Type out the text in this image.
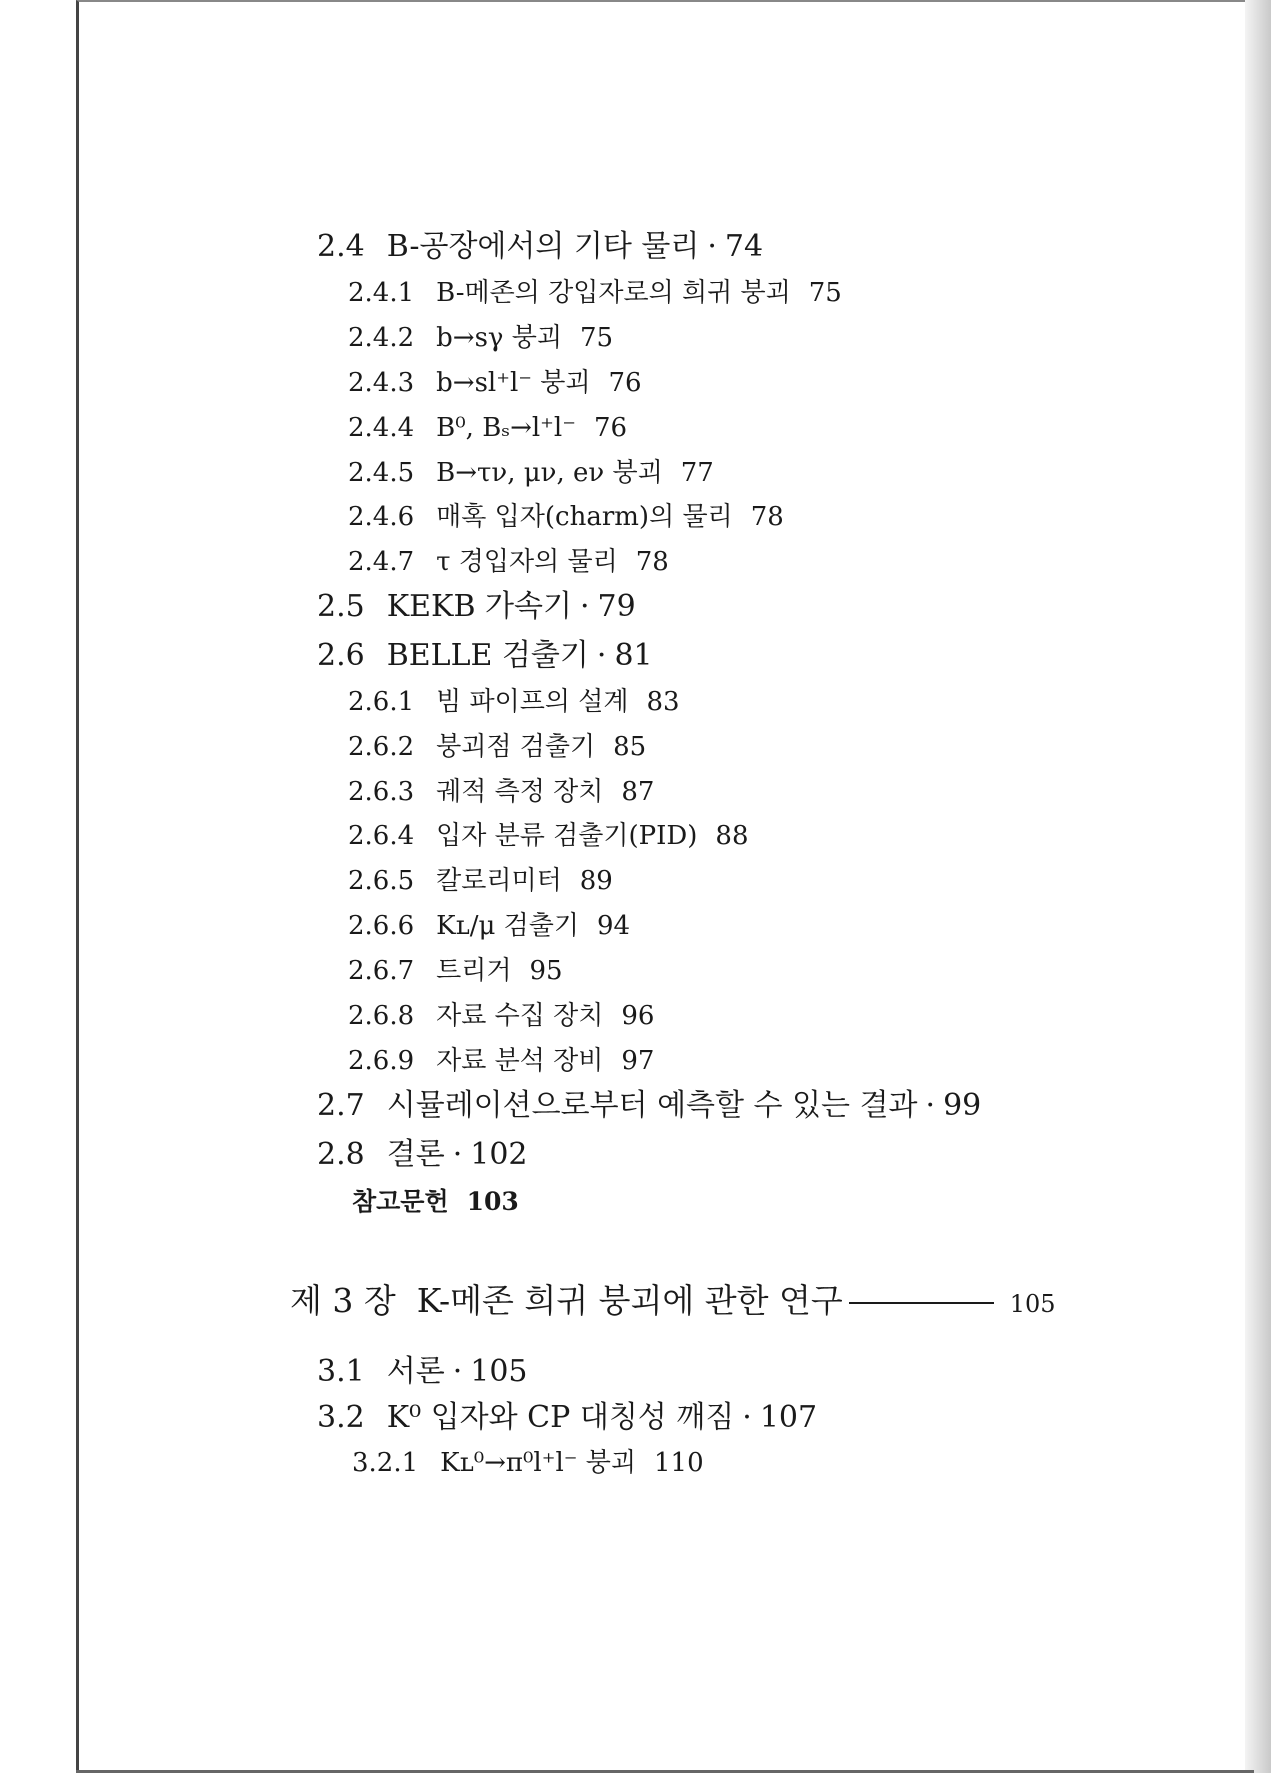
2.4 B-공장에서의 기타 물리 · 74
2.4.1 B-메존의 강입자로의 희귀 붕괴 75
2.4.2 b→sγ 붕괴 75
2.4.3 b→sl⁺l⁻ 붕괴 76
2.4.4 B⁰, Bₛ→l⁺l⁻ 76
2.4.5 B→τν, μν, eν 붕괴 77
2.4.6 매혹 입자(charm)의 물리 78
2.4.7 τ 경입자의 물리 78
2.5 KEKB 가속기 · 79
2.6 BELLE 검출기 · 81
2.6.1 빔 파이프의 설계 83
2.6.2 붕괴점 검출기 85
2.6.3 궤적 측정 장치 87
2.6.4 입자 분류 검출기(PID) 88
2.6.5 칼로리미터 89
2.6.6 Kʟ/μ 검출기 94
2.6.7 트리거 95
2.6.8 자료 수집 장치 96
2.6.9 자료 분석 장비 97
2.7 시뮬레이션으로부터 예측할 수 있는 결과 · 99
2.8 결론 · 102
참고문헌 103
제 3 장 K-메존 희귀 붕괴에 관한 연구	105
3.1 서론 · 105
3.2 K⁰ 입자와 CP 대칭성 깨짐 · 107
3.2.1 Kʟ⁰→π⁰l⁺l⁻ 붕괴 110
